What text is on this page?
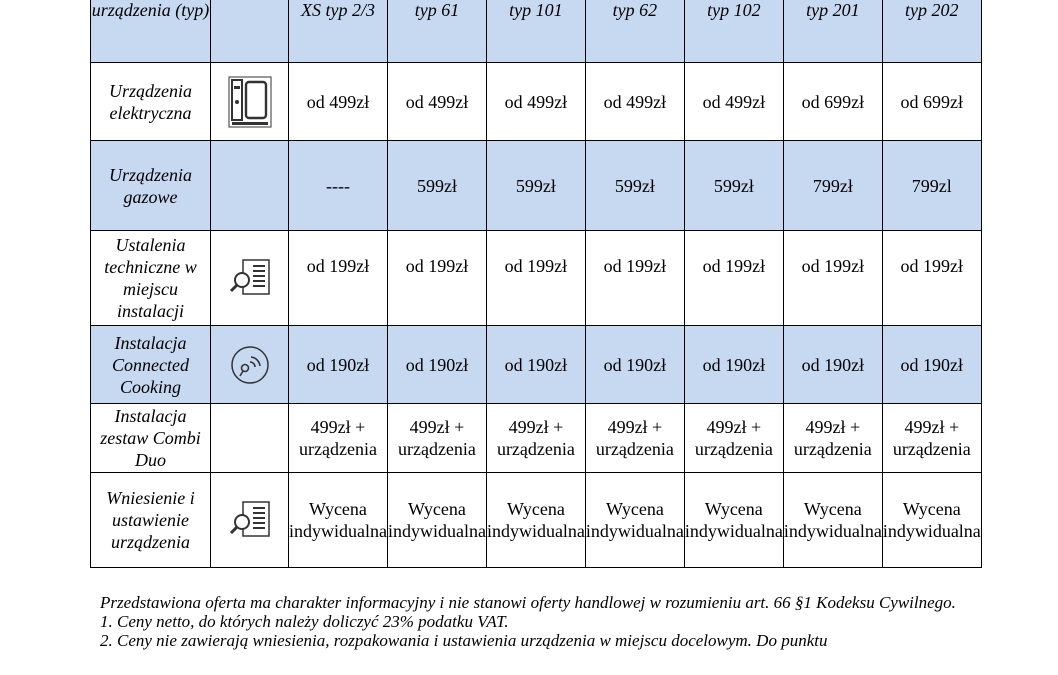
urządzenia (typ)		XS typ 2/3	typ 61	typ 101	typ 62	typ 102	typ 201	typ 202
Urządzenia elektryczna		od 499zł	od 499zł	od 499zł	od 499zł	od 499zł	od 699zł	od 699zł
Urządzenia gazowe		----	599zł	599zł	599zł	599zł	799zł	799zl
Ustalenia techniczne w miejscu instalacji		od 199zł	od 199zł	od 199zł	od 199zł	od 199zł	od 199zł	od 199zł
Instalacja Connected Cooking		od 190zł	od 190zł	od 190zł	od 190zł	od 190zł	od 190zł	od 190zł
Instalacja zestaw Combi Duo		499zł + urządzenia	499zł + urządzenia	499zł + urządzenia	499zł + urządzenia	499zł + urządzenia	499zł + urządzenia	499zł + urządzenia
Wniesienie i ustawienie urządzenia		Wycena indywidualna	Wycena indywidualna	Wycena indywidualna	Wycena indywidualna	Wycena indywidualna	Wycena indywidualna	Wycena indywidualna

Przedstawiona oferta ma charakter informacyjny i nie stanowi oferty handlowej w rozumieniu art. 66 §1 Kodeksu Cywilnego.

1. Ceny netto, do których należy doliczyć 23% podatku VAT.

2. Ceny nie zawierają wniesienia, rozpakowania i ustawienia urządzenia w miejscu docelowym. Do punktu
